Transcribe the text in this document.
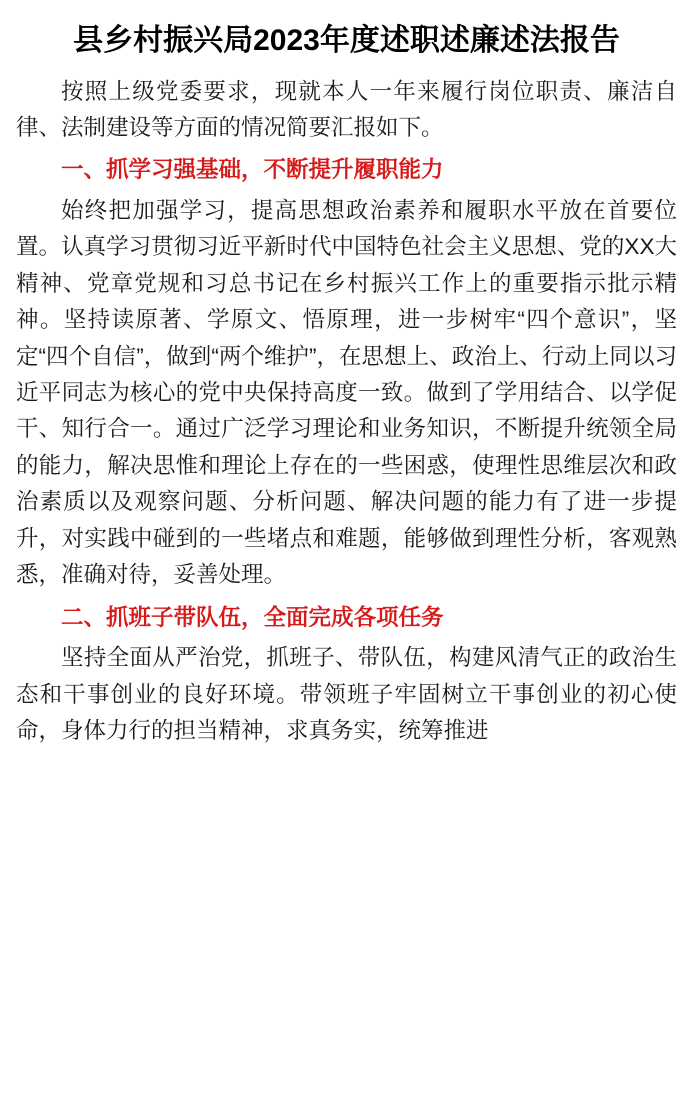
县乡村振兴局2023年度述职述廉述法报告

按照上级党委要求，现就本人一年来履行岗位职责、廉洁自律、法制建设等方面的情况简要汇报如下。

一、抓学习强基础，不断提升履职能力

始终把加强学习，提高思想政治素养和履职水平放在首要位置。认真学习贯彻习近平新时代中国特色社会主义思想、党的XX大精神、党章党规和习总书记在乡村振兴工作上的重要指示批示精神。坚持读原著、学原文、悟原理，进一步树牢“四个意识”，坚定“四个自信”，做到“两个维护”，在思想上、政治上、行动上同以习近平同志为核心的党中央保持高度一致。做到了学用结合、以学促干、知行合一。通过广泛学习理论和业务知识，不断提升统领全局的能力，解决思惟和理论上存在的一些困惑，使理性思维层次和政治素质以及观察问题、分析问题、解决问题的能力有了进一步提升，对实践中碰到的一些堵点和难题，能够做到理性分析，客观熟悉，准确对待，妥善处理。

二、抓班子带队伍，全面完成各项任务

坚持全面从严治党，抓班子、带队伍，构建风清气正的政治生态和干事创业的良好环境。带领班子牢固树立干事创业的初心使命，身体力行的担当精神，求真务实，统筹推进
